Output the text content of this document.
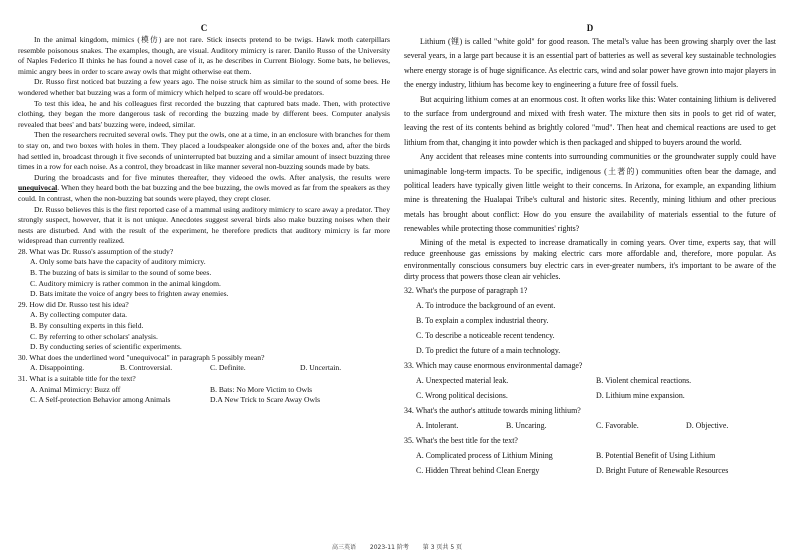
C

In the animal kingdom, mimics (模仿) are not rare. Stick insects pretend to be twigs. Hawk moth caterpillars resemble poisonous snakes. The examples, though, are visual. Auditory mimicry is rarer. Danilo Russo of the University of Naples Federico II thinks he has found a novel case of it, as he describes in Current Biology. Some bats, he believes, mimic angry bees in order to scare away owls that might otherwise eat them.

Dr. Russo first noticed bat buzzing a few years ago. The noise struck him as similar to the sound of some bees. He wondered whether bat buzzing was a form of mimicry which helped to scare off would-be predators.

To test this idea, he and his colleagues first recorded the buzzing that captured bats made. Then, with protective clothing, they began the more dangerous task of recording the buzzing made by different bees. Computer analysis revealed that bees' and bats' buzzing were, indeed, similar.

Then the researchers recruited several owls. They put the owls, one at a time, in an enclosure with branches for them to stay on, and two boxes with holes in them. They placed a loudspeaker alongside one of the boxes and, after the birds had settled in, broadcast through it five seconds of uninterrupted bat buzzing and a similar amount of insect buzzing three times in a row for each noise. As a control, they broadcast in like manner several non-buzzing sounds made by bats.

During the broadcasts and for five minutes thereafter, they videoed the owls. After analysis, the results were unequivocal. When they heard both the bat buzzing and the bee buzzing, the owls moved as far from the speakers as they could. In contrast, when the non-buzzing bat sounds were played, they crept closer.

Dr. Russo believes this is the first reported case of a mammal using auditory mimicry to scare away a predator. They strongly suspect, however, that it is not unique. Anecdotes suggest several birds also make buzzing noises when their nests are disturbed. And with the result of the experiment, he therefore predicts that auditory mimicry is far more widespread than currently realized.

28. What was Dr. Russo's assumption of the study?

A. Only some bats have the capacity of auditory mimicry.

B. The buzzing of bats is similar to the sound of some bees.

C. Auditory mimicry is rather common in the animal kingdom.

D. Bats imitate the voice of angry bees to frighten away enemies.

29. How did Dr. Russo test his idea?

A. By collecting computer data.

B. By consulting experts in this field.

C. By referring to other scholars' analysis.

D. By conducting series of scientific experiments.

30. What does the underlined word "unequivocal" in paragraph 5 possibly mean?

A. Disappointing.	B. Controversial.	C. Definite.	D. Uncertain.

31. What is a suitable title for the text?

A. Animal Mimicry: Buzz off	B. Bats: No More Victim to Owls
C. A Self-protection Behavior among Animals	D.A New Trick to Scare Away Owls
D

Lithium (锂) is called "white gold" for good reason. The metal's value has been growing sharply over the last several years, in a large part because it is an essential part of batteries as well as several key sustainable technologies where energy storage is of huge significance. As electric cars, wind and solar power have grown into major players in the energy industry, lithium has become key to engineering a future free of fossil fuels.

But acquiring lithium comes at an enormous cost. It often works like this: Water containing lithium is delivered to the surface from underground and mixed with fresh water. The mixture then sits in pools to get rid of water, leaving the rest of its contents behind as brightly colored "mud". Then heat and chemical reactions are used to get lithium from that, changing it into powder which is then packaged and shipped to buyers around the world.

Any accident that releases mine contents into surrounding communities or the groundwater supply could have unimaginable long-term impacts. To be specific, indigenous (土著的) communities often bear the damage, and political leaders have typically given little weight to their concerns. In Arizona, for example, an expanding lithium mine is threatening the Hualapai Tribe's cultural and historic sites. Recently, mining lithium and other precious metals has brought about conflict: How do you ensure the availability of materials essential to the future of renewables while protecting those communities' rights?

Mining of the metal is expected to increase dramatically in coming years. Over time, experts say, that will reduce greenhouse gas emissions by making electric cars more affordable and, therefore, more popular. As environmentally conscious consumers buy electric cars in ever-greater numbers, it's important to be aware of the dirty process that powers those clean air vehicles.

32. What's the purpose of paragraph 1?

A. To introduce the background of an event.

B. To explain a complex industrial theory.

C. To describe a noticeable recent tendency.

D. To predict the future of a main technology.

33. Which may cause enormous environmental damage?

A. Unexpected material leak.	B. Violent chemical reactions.
C. Wrong political decisions.	D. Lithium mine expansion.

34. What's the author's attitude towards mining lithium?

A. Intolerant.	B. Uncaring.	C. Favorable.	D. Objective.

35. What's the best title for the text?

A. Complicated process of Lithium Mining	B. Potential Benefit of Using Lithium
C. Hidden Threat behind Clean Energy	D. Bright Future of Renewable Resources
高三英语 2023-11 阶考 第 3 页共 5 页
